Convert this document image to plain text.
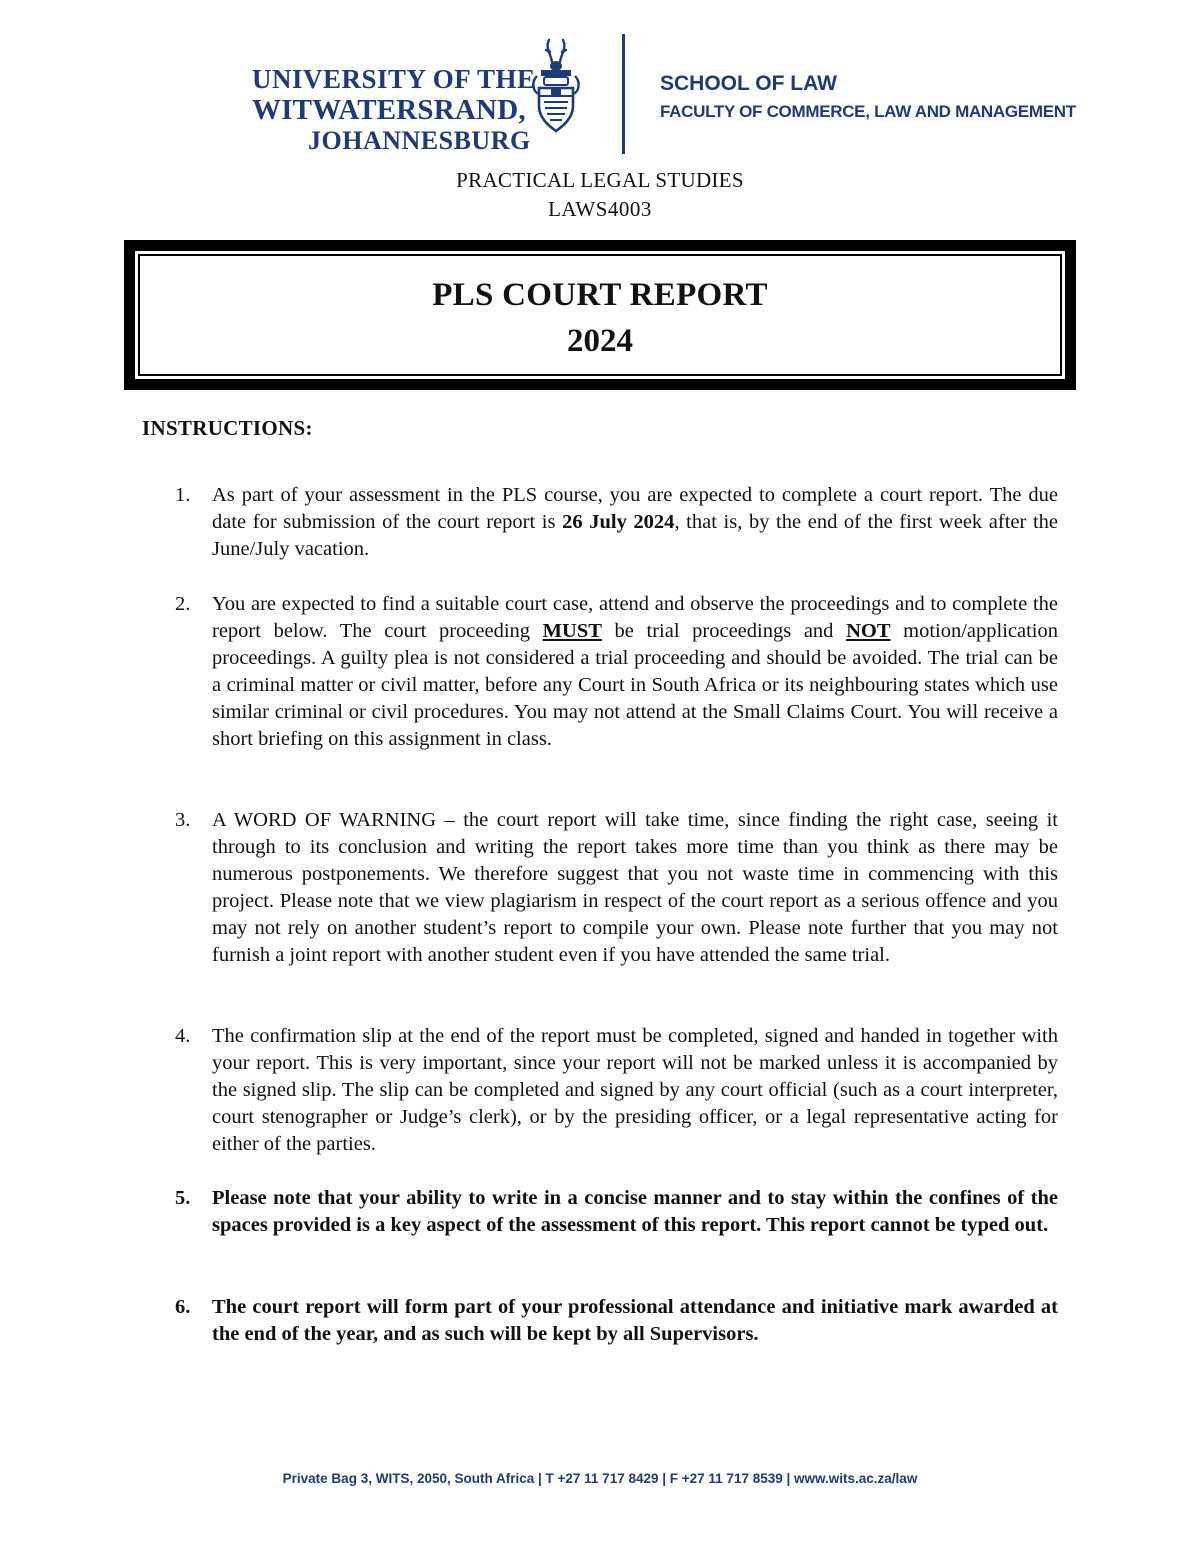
UNIVERSITY OF THE
WITWATERSRAND,
JOHANNESBURG
SCHOOL OF LAW
FACULTY OF COMMERCE, LAW AND MANAGEMENT
PRACTICAL LEGAL STUDIES
LAWS4003
PLS COURT REPORT
2024
INSTRUCTIONS:
1.	As part of your assessment in the PLS course, you are expected to complete a court report. The due date for submission of the court report is 26 July 2024, that is, by the end of the first week after the June/July vacation.
2.	You are expected to find a suitable court case, attend and observe the proceedings and to complete the report below. The court proceeding MUST be trial proceedings and NOT motion/application proceedings. A guilty plea is not considered a trial proceeding and should be avoided. The trial can be a criminal matter or civil matter, before any Court in South Africa or its neighbouring states which use similar criminal or civil procedures. You may not attend at the Small Claims Court. You will receive a short briefing on this assignment in class.
3.	A WORD OF WARNING – the court report will take time, since finding the right case, seeing it through to its conclusion and writing the report takes more time than you think as there may be numerous postponements. We therefore suggest that you not waste time in commencing with this project. Please note that we view plagiarism in respect of the court report as a serious offence and you may not rely on another student’s report to compile your own. Please note further that you may not furnish a joint report with another student even if you have attended the same trial.
4.	The confirmation slip at the end of the report must be completed, signed and handed in together with your report. This is very important, since your report will not be marked unless it is accompanied by the signed slip. The slip can be completed and signed by any court official (such as a court interpreter, court stenographer or Judge’s clerk), or by the presiding officer, or a legal representative acting for either of the parties.
5.	Please note that your ability to write in a concise manner and to stay within the confines of the spaces provided is a key aspect of the assessment of this report. This report cannot be typed out.
6.	The court report will form part of your professional attendance and initiative mark awarded at the end of the year, and as such will be kept by all Supervisors.
Private Bag 3, WITS, 2050, South Africa | T +27 11 717 8429 | F +27 11 717 8539 | www.wits.ac.za/law
